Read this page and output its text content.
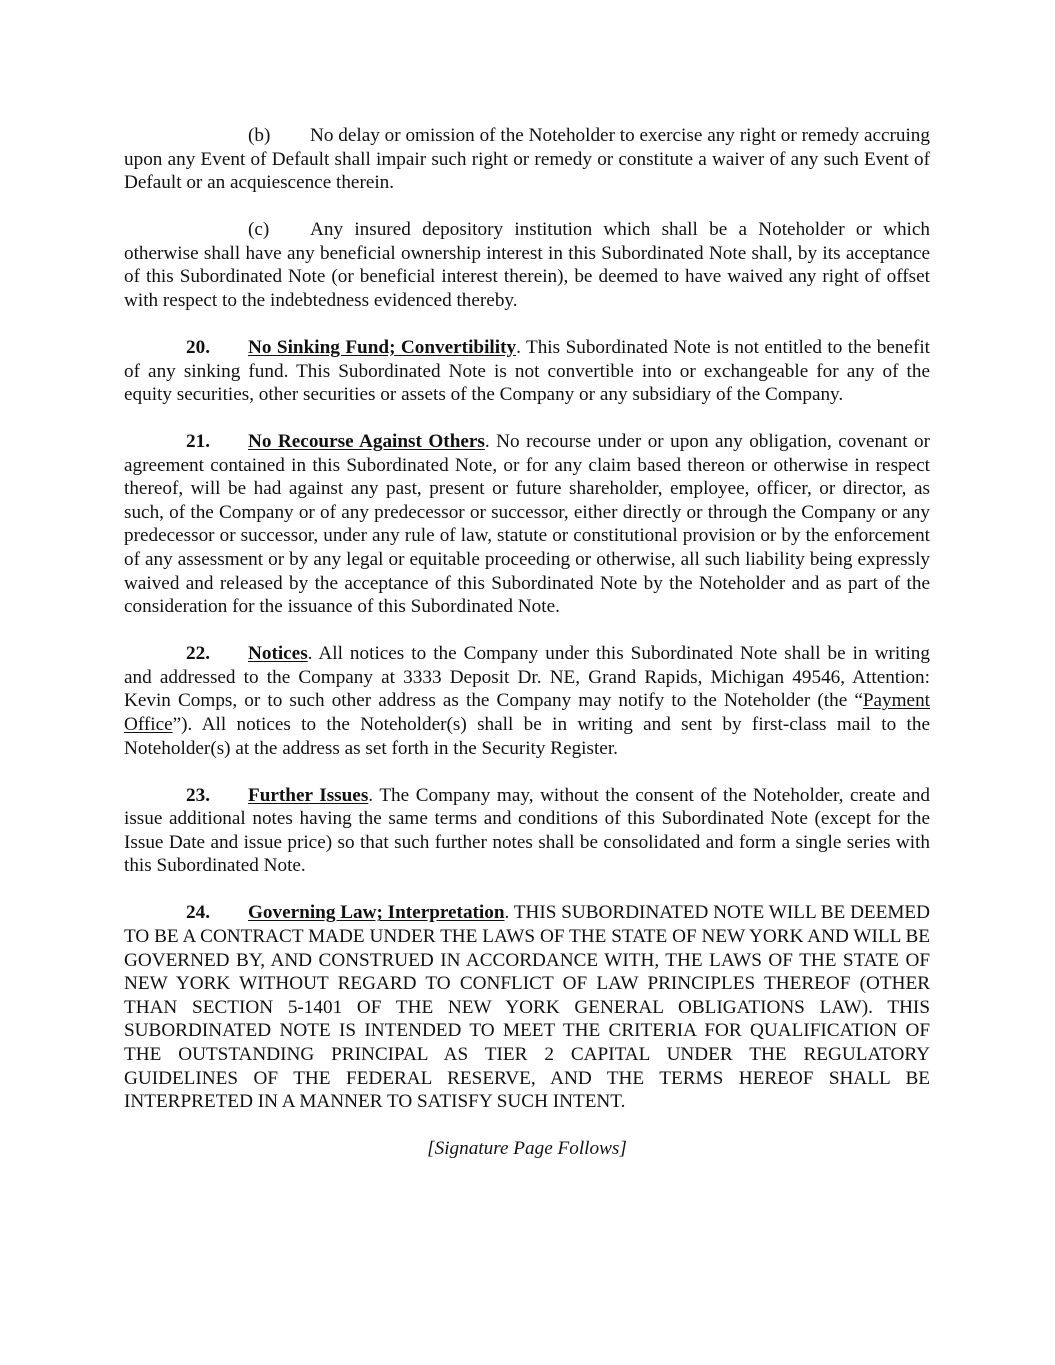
(b) No delay or omission of the Noteholder to exercise any right or remedy accruing upon any Event of Default shall impair such right or remedy or constitute a waiver of any such Event of Default or an acquiescence therein.

(c) Any insured depository institution which shall be a Noteholder or which otherwise shall have any beneficial ownership interest in this Subordinated Note shall, by its acceptance of this Subordinated Note (or beneficial interest therein), be deemed to have waived any right of offset with respect to the indebtedness evidenced thereby.

20. No Sinking Fund; Convertibility. This Subordinated Note is not entitled to the benefit of any sinking fund. This Subordinated Note is not convertible into or exchangeable for any of the equity securities, other securities or assets of the Company or any subsidiary of the Company.

21. No Recourse Against Others. No recourse under or upon any obligation, covenant or agreement contained in this Subordinated Note, or for any claim based thereon or otherwise in respect thereof, will be had against any past, present or future shareholder, employee, officer, or director, as such, of the Company or of any predecessor or successor, either directly or through the Company or any predecessor or successor, under any rule of law, statute or constitutional provision or by the enforcement of any assessment or by any legal or equitable proceeding or otherwise, all such liability being expressly waived and released by the acceptance of this Subordinated Note by the Noteholder and as part of the consideration for the issuance of this Subordinated Note.

22. Notices. All notices to the Company under this Subordinated Note shall be in writing and addressed to the Company at 3333 Deposit Dr. NE, Grand Rapids, Michigan 49546, Attention: Kevin Comps, or to such other address as the Company may notify to the Noteholder (the “Payment Office”). All notices to the Noteholder(s) shall be in writing and sent by first-class mail to the Noteholder(s) at the address as set forth in the Security Register.

23. Further Issues. The Company may, without the consent of the Noteholder, create and issue additional notes having the same terms and conditions of this Subordinated Note (except for the Issue Date and issue price) so that such further notes shall be consolidated and form a single series with this Subordinated Note.

24. Governing Law; Interpretation. THIS SUBORDINATED NOTE WILL BE DEEMED TO BE A CONTRACT MADE UNDER THE LAWS OF THE STATE OF NEW YORK AND WILL BE GOVERNED BY, AND CONSTRUED IN ACCORDANCE WITH, THE LAWS OF THE STATE OF NEW YORK WITHOUT REGARD TO CONFLICT OF LAW PRINCIPLES THEREOF (OTHER THAN SECTION 5-1401 OF THE NEW YORK GENERAL OBLIGATIONS LAW). THIS SUBORDINATED NOTE IS INTENDED TO MEET THE CRITERIA FOR QUALIFICATION OF THE OUTSTANDING PRINCIPAL AS TIER 2 CAPITAL UNDER THE REGULATORY GUIDELINES OF THE FEDERAL RESERVE, AND THE TERMS HEREOF SHALL BE INTERPRETED IN A MANNER TO SATISFY SUCH INTENT.

[Signature Page Follows]
